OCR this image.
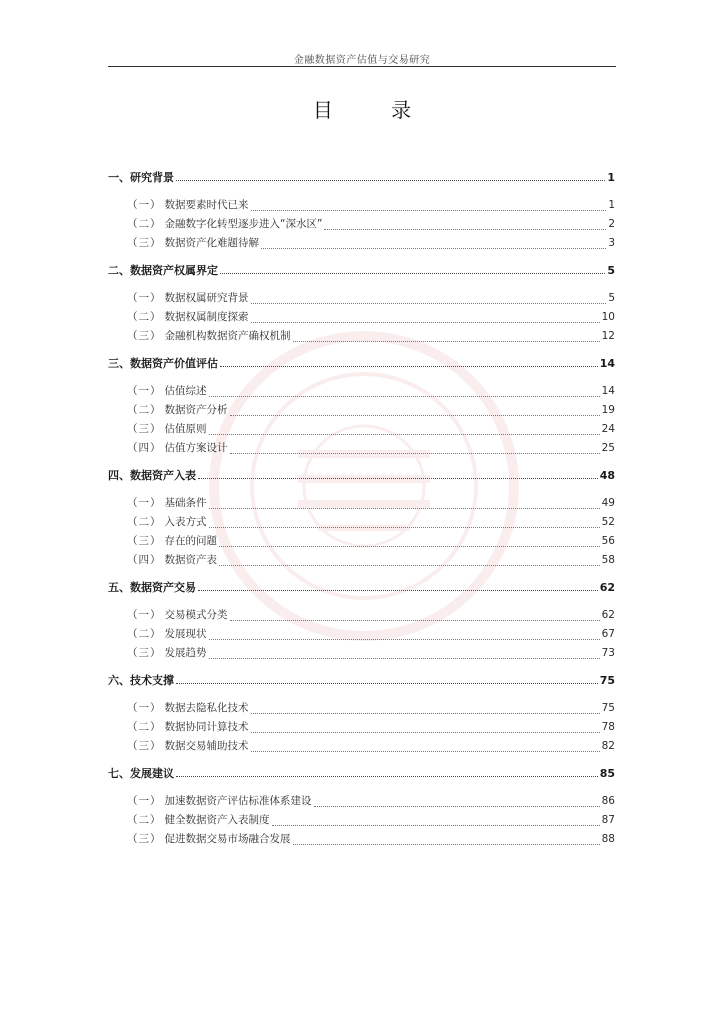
金融数据资产估值与交易研究
目 录
一、研究背景	1
（一） 数据要素时代已来	1
（二） 金融数字化转型逐步进入“深水区”	2
（三） 数据资产化难题待解	3
二、数据资产权属界定	5
（一） 数据权属研究背景	5
（二） 数据权属制度探索	10
（三） 金融机构数据资产确权机制	12
三、数据资产价值评估	14
（一） 估值综述	14
（二） 数据资产分析	19
（三） 估值原则	24
（四） 估值方案设计	25
四、数据资产入表	48
（一） 基础条件	49
（二） 入表方式	52
（三） 存在的问题	56
（四） 数据资产表	58
五、数据资产交易	62
（一） 交易模式分类	62
（二） 发展现状	67
（三） 发展趋势	73
六、技术支撑	75
（一） 数据去隐私化技术	75
（二） 数据协同计算技术	78
（三） 数据交易辅助技术	82
七、发展建议	85
（一） 加速数据资产评估标准体系建设	86
（二） 健全数据资产入表制度	87
（三） 促进数据交易市场融合发展	88
